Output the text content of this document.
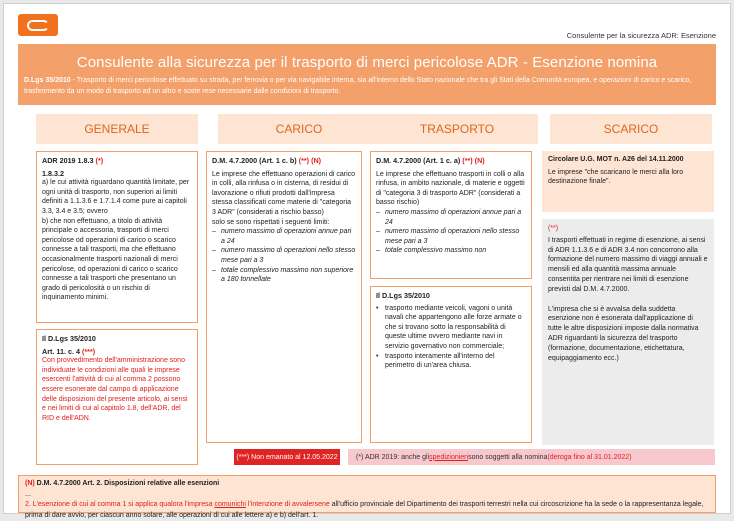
Consulente per la sicurezza ADR: Esenzione
Consulente alla sicurezza per il trasporto di merci pericolose ADR - Esenzione nomina

D.Lgs 35/2010 - Trasporto di merci pericolose effettuato su strada, per ferrovia o per via navigabile interna, sia all'interno dello Stato nazionale che tra gli Stati della Comunità europea, e operazioni di carico e scarico, trasferimento da un modo di trasporto ad un altro e soste rese necessarie dalle condizioni di trasporto.

GENERALE	CARICO	TRASPORTO	SCARICO
ADR 2019 1.8.3 (*)
1.8.3.2
a) le cui attività riguardano quantità limitate, per ogni unità di trasporto, non superiori ai limiti definiti a 1.1.3.6 e 1.7.1.4 come pure ai capitoli 3.3, 3.4 e 3.5; ovvero
b) che non effettuano, a titolo di attività principale o accessoria, trasporti di merci pericolose od operazioni di carico o scarico connesse a tali trasporti, ma che effettuano occasionalmente trasporti nazionali di merci pericolose, od operazioni di carico o scarico connesse a tali trasporti che presentano un grado di pericolosità o un rischio di inquinamento minimi.
Il D.Lgs 35/2010
Art. 11. c. 4 (***)
Con provvedimento dell'amministrazione sono individuate le condizioni alle quali le imprese esercenti l'attività di cui al comma 2 possono essere esonerate dal campo di applicazione delle disposizioni del presente articolo, ai sensi e nei limiti di cui al capitolo 1.8, dell'ADR, del RID e dell'ADN.
D.M. 4.7.2000 (Art. 1 c. b) (**) (N)
Le imprese che effettuano operazioni di carico in colli, alla rinfusa o in cisterna, di residui di lavorazione o rifiuti prodotti dall'impresa stessa classificati come materie di "categoria 3 ADR" (considerati a rischio basso)
solo se sono rispettati i seguenti limiti:
– numero massimo di operazioni annue pari a 24
– numero massimo di operazioni nello stesso mese pari a 3
– totale complessivo massimo non superiore a 180 tonnellate
D.M. 4.7.2000 (Art. 1 c. a) (**) (N)
Le imprese che effettuano trasporti in colli o alla rinfusa, in ambito nazionale, di materie e oggetti di "categoria 3 di trasporto ADR" (considerati a basso rischio)
– numero massimo di operazioni annue pari a 24
– numero massimo di operazioni nello stesso mese pari a 3
– totale complessivo massimo non
Il D.Lgs 35/2010
• trasporto mediante veicoli, vagoni o unità navali che appartengono alle forze armate o che si trovano sotto la responsabilità di queste ultime ovvero mediante navi in servizio governativo non commerciale;
• trasporto interamente all'interno del perimetro di un'area chiusa.
Circolare U.G. MOT n. A26 del 14.11.2000
Le imprese "che scaricano le merci alla loro destinazione finale".
(**)
I trasporti effettuati in regime di esenzione, ai sensi di ADR 1.1.3.6 e di ADR 3.4 non concorrono alla formazione del numero massimo di viaggi annuali e mensili ed alla quantità massima annuale consentita per rientrare nei limiti di esenzione previsti dal D.M. 4.7.2000.
L'impresa che si è avvalsa della suddetta esenzione non è esonerata dall'applicazione di tutte le altre disposizioni imposte dalla normativa ADR riguardanti la sicurezza del trasporto (formazione, documentazione, etichettatura, equipaggiamento ecc.)
(***) Non emanato al 12.05.2022	(*) ADR 2019: anche gli spedizionieri sono soggetti alla nomina (deroga fino al 31.01.2022)
(N) D.M. 4.7.2000 Art. 2. Disposizioni relative alle esenzioni
...
2. L'esenzione di cui al comma 1 si applica qualora l'impresa comunichi l'intenzione di avvalersene all'ufficio provinciale del Dipartimento dei trasporti terrestri nella cui circoscrizione ha la sede o la rappresentanza legale, prima di dare avvio, per ciascun anno solare, alle operazioni di cui alle lettere a) e b) dell'art. 1.
